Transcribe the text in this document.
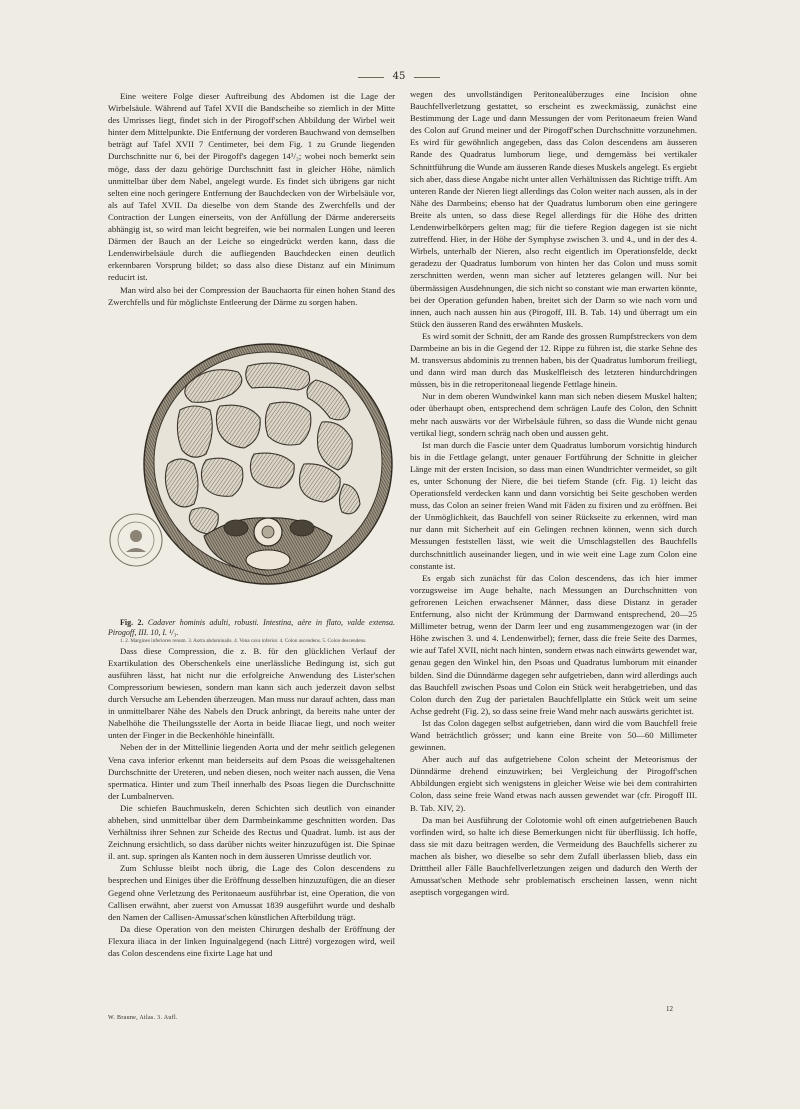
45

Eine weitere Folge dieser Auftreibung des Abdomen ist die Lage der Wirbelsäule. Während auf Tafel XVII die Bandscheibe so ziemlich in der Mitte des Umrisses liegt, findet sich in der Pirogoff'schen Abbildung der Wirbel weit hinter dem Mittelpunkte. Die Entfernung der vorderen Bauchwand von demselben beträgt auf Tafel XVII 7 Centimeter, bei dem Fig. 1 zu Grunde liegenden Durchschnitte nur 6, bei der Pirogoff's dagegen 14¹/₂; wobei noch bemerkt sein möge, dass der dazu gehörige Durchschnitt fast in gleicher Höhe, nämlich unmittelbar über dem Nabel, angelegt wurde. Es findet sich übrigens gar nicht selten eine noch geringere Entfernung der Bauchdecken von der Wirbelsäule vor, als auf Tafel XVII. Da dieselbe von dem Stande des Zwerchfells und der Contraction der Lungen einerseits, von der Anfüllung der Därme andererseits abhängig ist, so wird man leicht begreifen, wie bei normalen Lungen und leeren Därmen der Bauch an der Leiche so eingedrückt werden kann, dass die Lendenwirbelsäule durch die aufliegenden Bauchdecken einen deutlich erkennbaren Vorsprung bildet; so dass also diese Distanz auf ein Minimum reducirt ist.

Man wird also bei der Compression der Bauchaorta für einen hohen Stand des Zwerchfells und für möglichste Entleerung der Därme zu sorgen haben.

Fig. 2. Cadaver hominis adulti, robusti. Intestina, aëre in flato, valde extensa. Pirogoff, III. 10, I. ¹/₃.

1. 2. Margines inferiores renum. 3. Aorta abdominalis. 4. Vena cava inferior. 4. Colon ascendens. 5. Colon descendens.

Dass diese Compression, die z. B. für den glücklichen Verlauf der Exartikulation des Oberschenkels eine unerlässliche Bedingung ist, sich gut ausführen lässt, hat nicht nur die erfolgreiche Anwendung des Lister'schen Compressorium bewiesen, sondern man kann sich auch jederzeit davon selbst durch Versuche am Lebenden überzeugen. Man muss nur darauf achten, dass man in unmittelbarer Nähe des Nabels den Druck anbringt, da bereits nahe unter der Nabelhöhe die Theilungsstelle der Aorta in beide Iliacae liegt, und noch weiter unten der Finger in die Beckenhöhle hineinfällt.

Neben der in der Mittellinie liegenden Aorta und der mehr seitlich gelegenen Vena cava inferior erkennt man beiderseits auf dem Psoas die weissgehaltenen Durchschnitte der Ureteren, und neben diesen, noch weiter nach aussen, die Vena spermatica. Hinter und zum Theil innerhalb des Psoas liegen die Durchschnitte der Lumbalnerven.

Die schiefen Bauchmuskeln, deren Schichten sich deutlich von einander abheben, sind unmittelbar über dem Darmbeinkamme geschnitten worden. Das Verhältniss ihrer Sehnen zur Scheide des Rectus und Quadrat. lumb. ist aus der Zeichnung ersichtlich, so dass darüber nichts weiter hinzuzufügen ist. Die Spinae il. ant. sup. springen als Kanten noch in dem äusseren Umrisse deutlich vor.

Zum Schlusse bleibt noch übrig, die Lage des Colon descendens zu besprechen und Einiges über die Eröffnung desselben hinzuzufügen, die an dieser Gegend ohne Verletzung des Peritonaeum ausführbar ist, eine Operation, die von Callisen erwähnt, aber zuerst von Amussat 1839 ausgeführt wurde und deshalb den Namen der Callisen-Amussat'schen künstlichen Afterbildung trägt.

Da diese Operation von den meisten Chirurgen deshalb der Eröffnung der Flexura iliaca in der linken Inguinalgegend (nach Littré) vorgezogen wird, weil das Colon descendens eine fixirte Lage hat und

wegen des unvollständigen Peritonealüberzuges eine Incision ohne Bauchfellverletzung gestattet, so erscheint es zweckmässig, zunächst eine Bestimmung der Lage und dann Messungen der vom Peritonaeum freien Wand des Colon auf Grund meiner und der Pirogoff'schen Durchschnitte vorzunehmen. Es wird für gewöhnlich angegeben, dass das Colon descendens am äusseren Rande des Quadratus lumborum liege, und demgemäss bei vertikaler Schnittführung die Wunde am äusseren Rande dieses Muskels angelegt. Es ergiebt sich aber, dass diese Angabe nicht unter allen Verhältnissen das Richtige trifft. Am unteren Rande der Nieren liegt allerdings das Colon weiter nach aussen, als in der Nähe des Darmbeins; ebenso hat der Quadratus lumborum oben eine geringere Breite als unten, so dass diese Regel allerdings für die Höhe des dritten Lendenwirbelkörpers gelten mag; für die tiefere Region dagegen ist sie nicht zutreffend. Hier, in der Höhe der Symphyse zwischen 3. und 4., und in der des 4. Wirbels, unterhalb der Nieren, also recht eigentlich im Operationsfelde, deckt geradezu der Quadratus lumborum von hinten her das Colon und muss somit zerschnitten werden, wenn man sicher auf letzteres gelangen will. Nur bei übermässigen Ausdehnungen, die sich nicht so constant wie man erwarten könnte, bei der Operation gefunden haben, breitet sich der Darm so wie nach vorn und innen, auch nach aussen hin aus (Pirogoff, III. B. Tab. 14) und überragt um ein Stück den äusseren Rand des erwähnten Muskels.

Es wird somit der Schnitt, der am Rande des grossen Rumpfstreckers von dem Darmbeine an bis in die Gegend der 12. Rippe zu führen ist, die starke Sehne des M. transversus abdominis zu trennen haben, bis der Quadratus lumborum freiliegt, und dann wird man durch das Muskelfleisch des letzteren hindurchdringen müssen, bis in die retroperitoneaal liegende Fettlage hinein.

Nur in dem oberen Wundwinkel kann man sich neben diesem Muskel halten; oder überhaupt oben, entsprechend dem schrägen Laufe des Colon, den Schnitt mehr nach auswärts vor der Wirbelsäule führen, so dass die Wunde nicht genau vertikal liegt, sondern schräg nach oben und aussen geht.

Ist man durch die Fascie unter dem Quadratus lumborum vorsichtig hindurch bis in die Fettlage gelangt, unter genauer Fortführung der Schnitte in gleicher Länge mit der ersten Incision, so dass man einen Wundtrichter vermeidet, so gilt es, unter Schonung der Niere, die bei tiefem Stande (cfr. Fig. 1) leicht das Operationsfeld verdecken kann und dann vorsichtig bei Seite geschoben werden muss, das Colon an seiner freien Wand mit Fäden zu fixiren und zu eröffnen. Bei der Unmöglichkeit, das Bauchfell von seiner Rückseite zu erkennen, wird man nur dann mit Sicherheit auf ein Gelingen rechnen können, wenn sich durch Messungen feststellen lässt, wie weit die Umschlagstellen des Bauchfells durchschnittlich auseinander liegen, und in wie weit eine Lage zum Colon eine constante ist.

Es ergab sich zunächst für das Colon descendens, das ich hier immer vorzugsweise im Auge behalte, nach Messungen an Durchschnitten von gefrorenen Leichen erwachsener Männer, dass diese Distanz in gerader Entfernung, also nicht der Krümmung der Darmwand entsprechend, 20—25 Millimeter betrug, wenn der Darm leer und eng zusammengezogen war (in der Höhe zwischen 3. und 4. Lendenwirbel); ferner, dass die freie Seite des Darmes, wie auf Tafel XVII, nicht nach hinten, sondern etwas nach einwärts gewendet war, genau gegen den Winkel hin, den Psoas und Quadratus lumborum mit einander bilden. Sind die Dünndärme dagegen sehr aufgetrieben, dann wird allerdings auch das Bauchfell zwischen Psoas und Colon ein Stück weit herabgetrieben, und das Colon durch den Zug der parietalen Bauchfellplatte ein Stück weit um seine Achse gedreht (Fig. 2), so dass seine freie Wand mehr nach auswärts gerichtet ist.

Ist das Colon dagegen selbst aufgetrieben, dann wird die vom Bauchfell freie Wand beträchtlich grösser; und kann eine Breite von 50—60 Millimeter gewinnen.

Aber auch auf das aufgetriebene Colon scheint der Meteorismus der Dünndärme drehend einzuwirken; bei Vergleichung der Pirogoff'schen Abbildungen ergiebt sich wenigstens in gleicher Weise wie bei dem contrahirten Colon, dass seine freie Wand etwas nach aussen gewendet war (cfr. Pirogoff III. B. Tab. XIV, 2).

Da man bei Ausführung der Colotomie wohl oft einen aufgetriebenen Bauch vorfinden wird, so halte ich diese Bemerkungen nicht für überflüssig. Ich hoffe, dass sie mit dazu beitragen werden, die Vermeidung des Bauchfells sicherer zu machen als bisher, wo dieselbe so sehr dem Zufall überlassen blieb, dass ein Dritttheil aller Fälle Bauchfellverletzungen zeigen und dadurch den Werth der Amussat'schen Methode sehr problematisch erscheinen lassen, wenn nicht aseptisch vorgegangen wird.

W. Braune, Atlas. 3. Aufl.
12
